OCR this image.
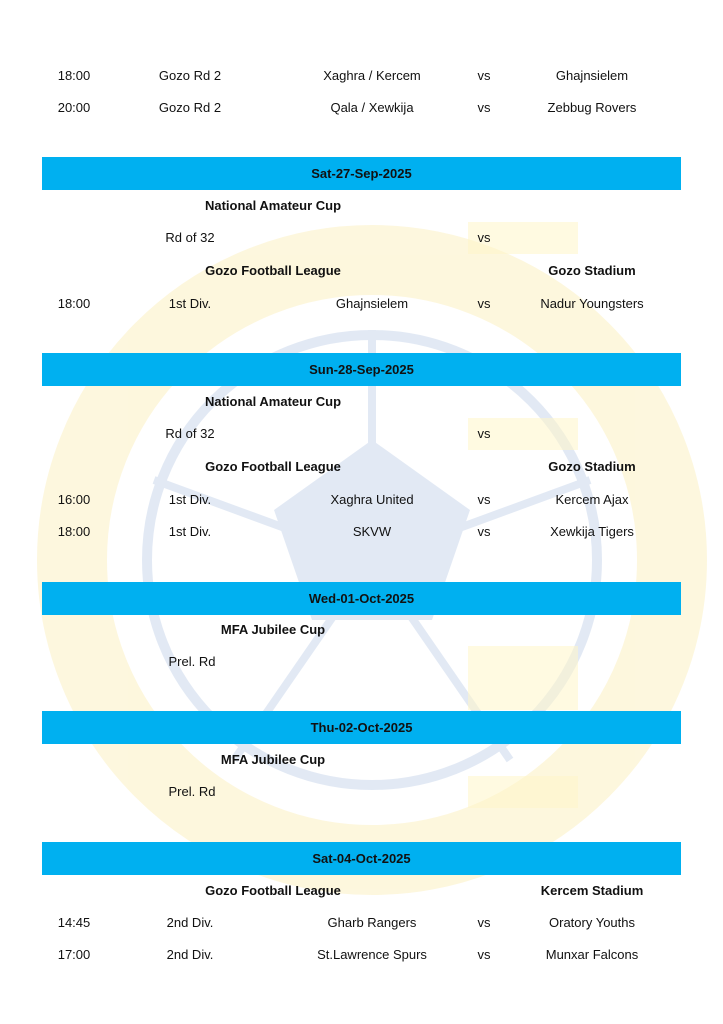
18:00	Gozo Rd 2	Xaghra / Kercem	vs	Ghajnsielem
20:00	Gozo Rd 2	Qala / Xewkija	vs	Zebbug Rovers
Sat-27-Sep-2025
National Amateur Cup
Rd of 32	vs
Gozo Football League	Gozo Stadium
18:00	1st Div.	Ghajnsielem	vs	Nadur Youngsters
Sun-28-Sep-2025
National Amateur Cup
Rd of 32	vs
Gozo Football League	Gozo Stadium
16:00	1st Div.	Xaghra United	vs	Kercem Ajax
18:00	1st Div.	SKVW	vs	Xewkija Tigers
Wed-01-Oct-2025
MFA Jubilee Cup
Prel. Rd
Thu-02-Oct-2025
MFA Jubilee Cup
Prel. Rd
Sat-04-Oct-2025
Gozo Football League	Kercem Stadium
14:45	2nd Div.	Gharb Rangers	vs	Oratory Youths
17:00	2nd Div.	St.Lawrence Spurs	vs	Munxar Falcons
